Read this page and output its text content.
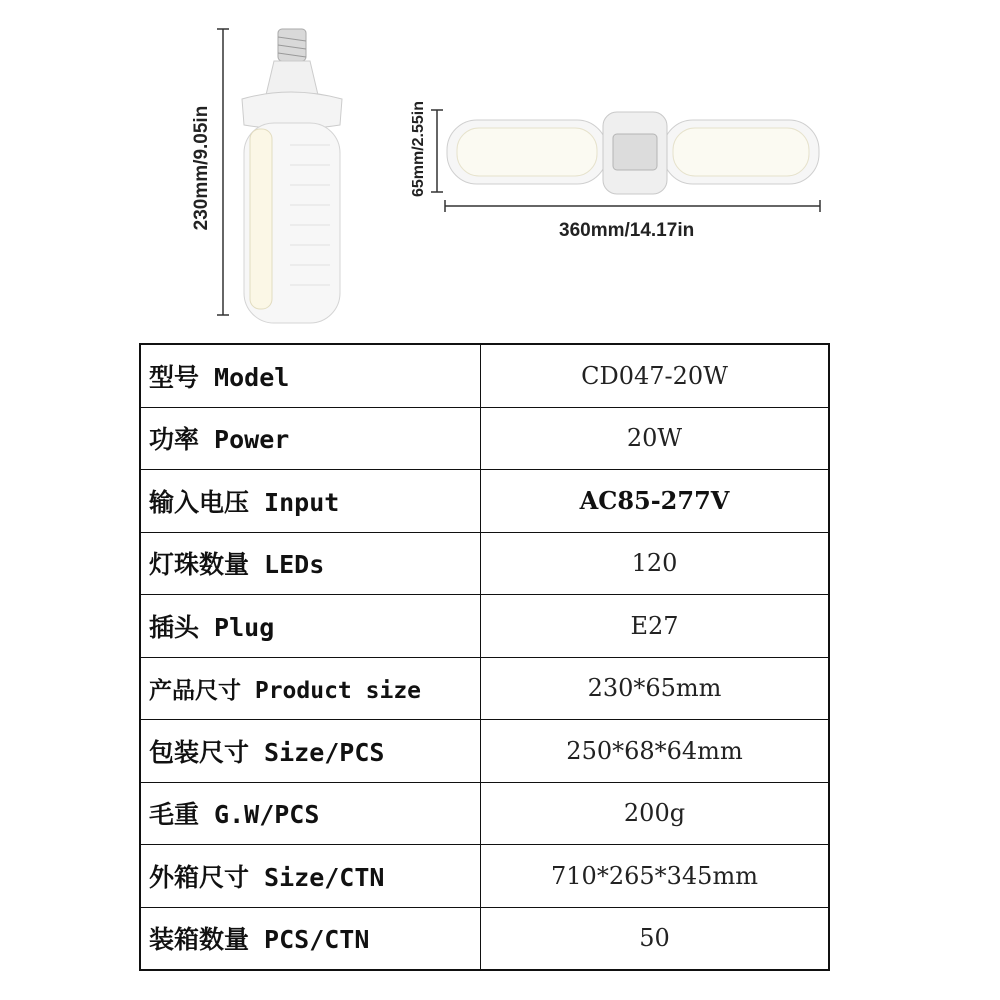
230mm/9.05in	65mm/2.55in
360mm/14.17in
型号 Model	CD047-20W
功率 Power	20W
输入电压 Input	AC85-277V
灯珠数量 LEDs	120
插头 Plug	E27
产品尺寸 Product size	230*65mm
包装尺寸 Size/PCS	250*68*64mm
毛重 G.W/PCS	200g
外箱尺寸 Size/CTN	710*265*345mm
装箱数量 PCS/CTN	50
